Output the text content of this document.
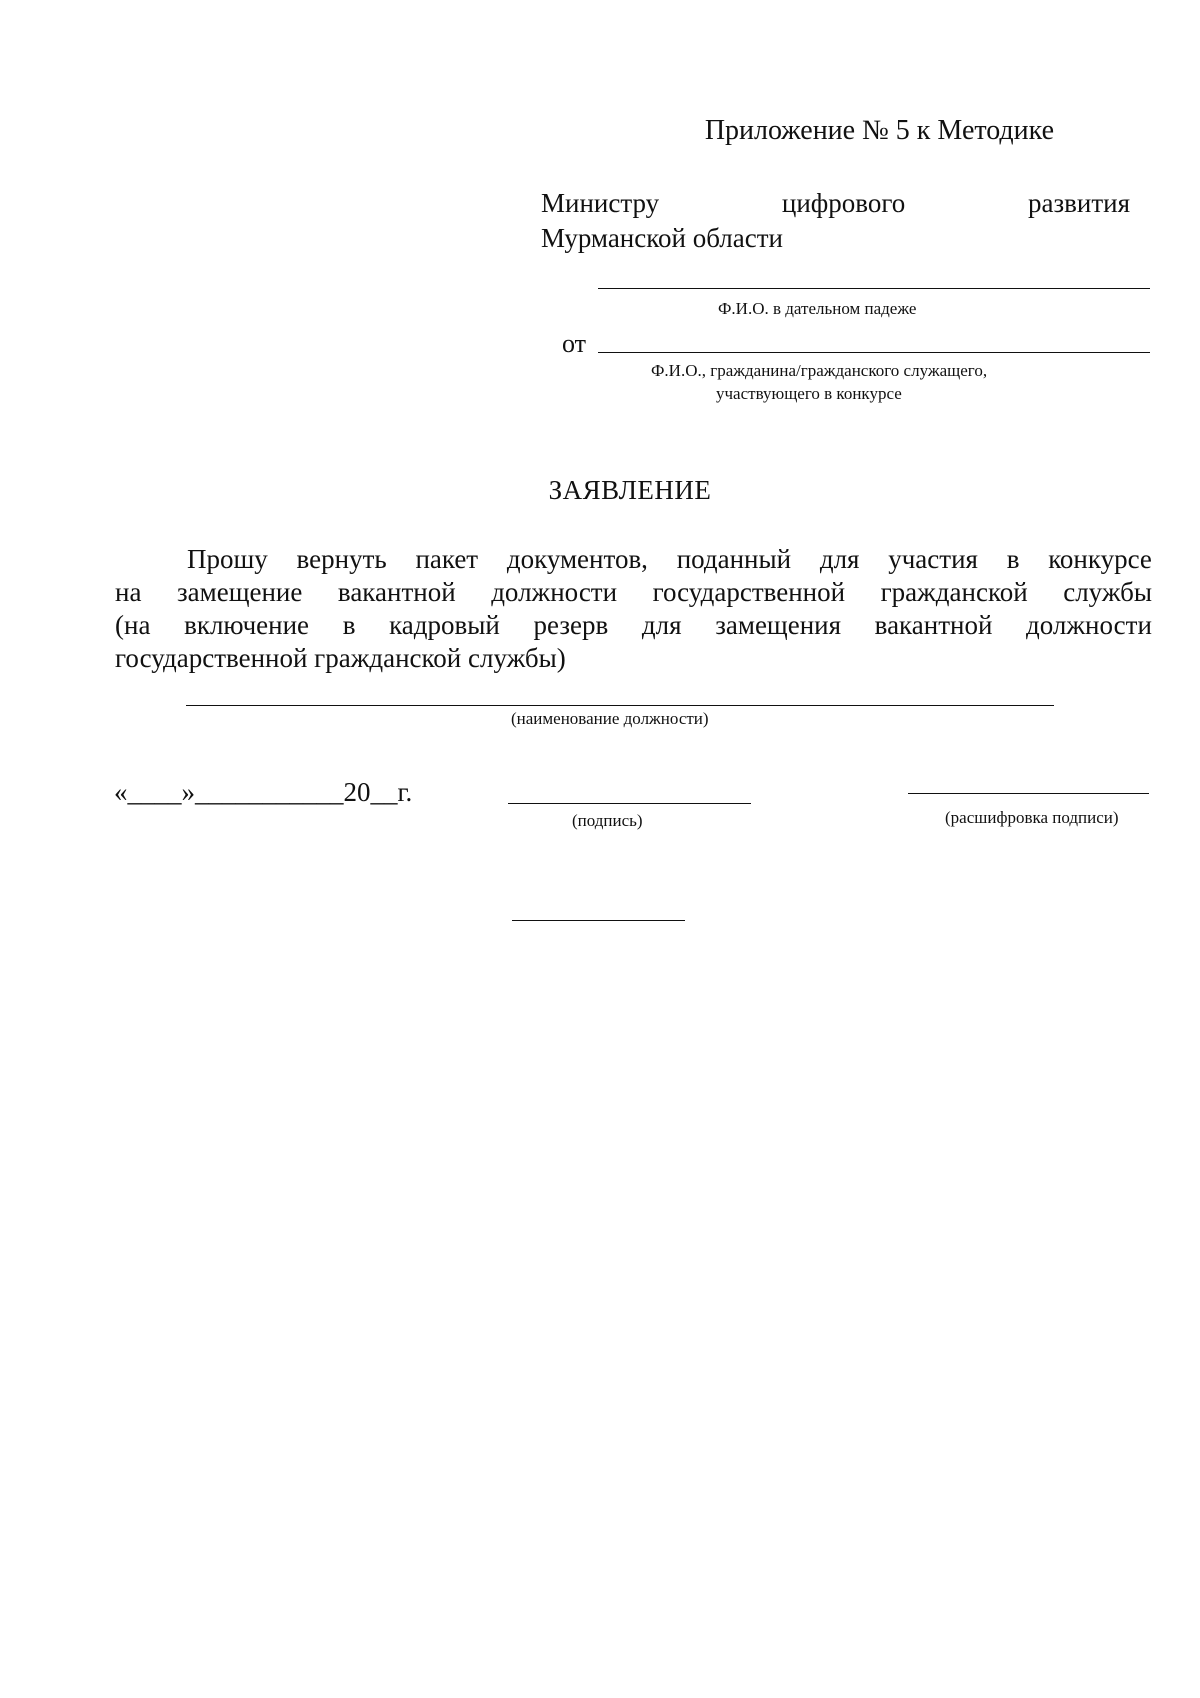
Приложение № 5 к Методике
Министру	цифрового	развития
Мурманской области
Ф.И.О. в дательном падеже
от
Ф.И.О., гражданина/гражданского служащего,
участвующего в конкурсе
ЗАЯВЛЕНИЕ
Прошу вернуть пакет документов, поданный для участия в конкурсе
на замещение вакантной должности государственной гражданской службы
(на включение в кадровый резерв для замещения вакантной должности
государственной гражданской службы)
(наименование должности)
«____»___________20__г.
(подпись)	(расшифровка подписи)
